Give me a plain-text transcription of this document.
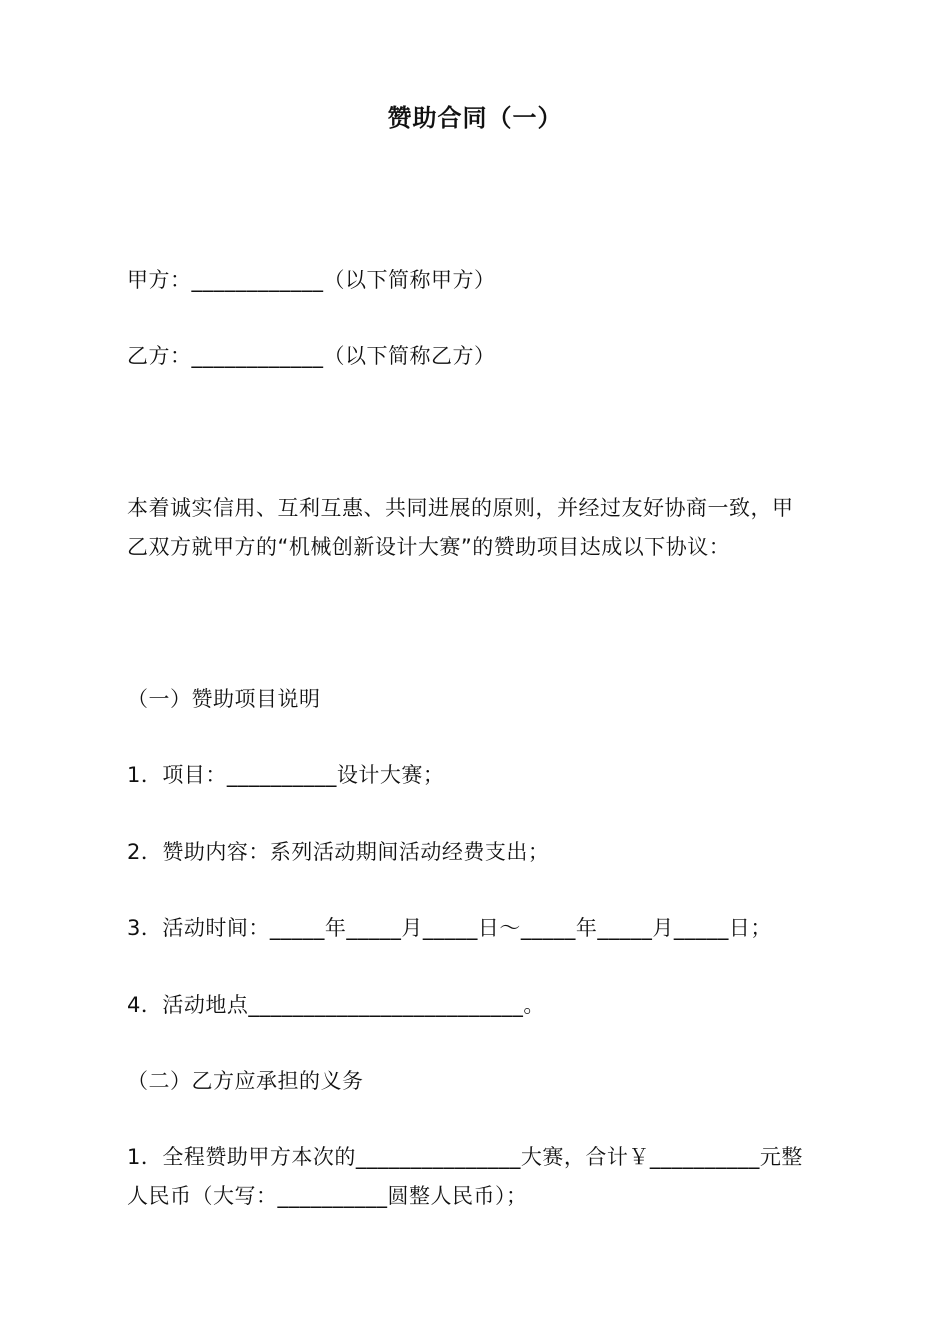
赞助合同（一）
甲方：____________（以下简称甲方）
乙方：____________（以下简称乙方）
本着诚实信用、互利互惠、共同进展的原则，并经过友好协商一致，甲
乙双方就甲方的“机械创新设计大赛”的赞助项目达成以下协议：
（一）赞助项目说明
1．项目：__________设计大赛；
2．赞助内容：系列活动期间活动经费支出；
3．活动时间：_____年_____月_____日～_____年_____月_____日；
4．活动地点_________________________。
（二）乙方应承担的义务
1．全程赞助甲方本次的_______________大赛，合计￥__________元整
人民币（大写：__________圆整人民币）；
